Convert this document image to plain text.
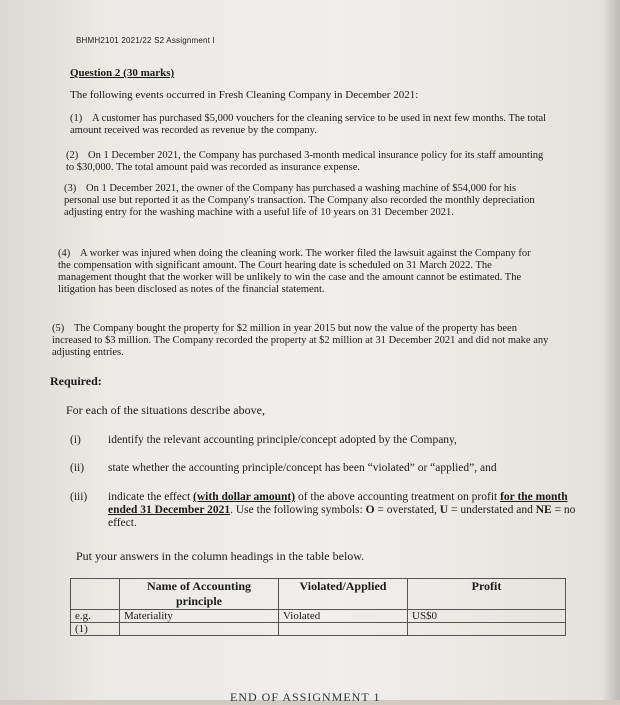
BHMH2101 2021/22 S2 Assignment I
Question 2 (30 marks)
The following events occurred in Fresh Cleaning Company in December 2021:
(1) A customer has purchased $5,000 vouchers for the cleaning service to be used in next few months. The total amount received was recorded as revenue by the company.
(2) On 1 December 2021, the Company has purchased 3-month medical insurance policy for its staff amounting to $30,000. The total amount paid was recorded as insurance expense.
(3) On 1 December 2021, the owner of the Company has purchased a washing machine of $54,000 for his personal use but reported it as the Company's transaction. The Company also recorded the monthly depreciation adjusting entry for the washing machine with a useful life of 10 years on 31 December 2021.
(4) A worker was injured when doing the cleaning work. The worker filed the lawsuit against the Company for the compensation with significant amount. The Court hearing date is scheduled on 31 March 2022. The management thought that the worker will be unlikely to win the case and the amount cannot be estimated. The litigation has been disclosed as notes of the financial statement.
(5) The Company bought the property for $2 million in year 2015 but now the value of the property has been increased to $3 million. The Company recorded the property at $2 million at 31 December 2021 and did not make any adjusting entries.
Required:
For each of the situations describe above,
(i) identify the relevant accounting principle/concept adopted by the Company,
(ii) state whether the accounting principle/concept has been “violated” or “applied”, and
(iii) indicate the effect (with dollar amount) of the above accounting treatment on profit for the month ended 31 December 2021. Use the following symbols: O = overstated, U = understated and NE = no effect.
Put your answers in the column headings in the table below.
	Name of Accounting principle	Violated/Applied	Profit
e.g.	Materiality	Violated	US$0
(1)			
END OF ASSIGNMENT 1
